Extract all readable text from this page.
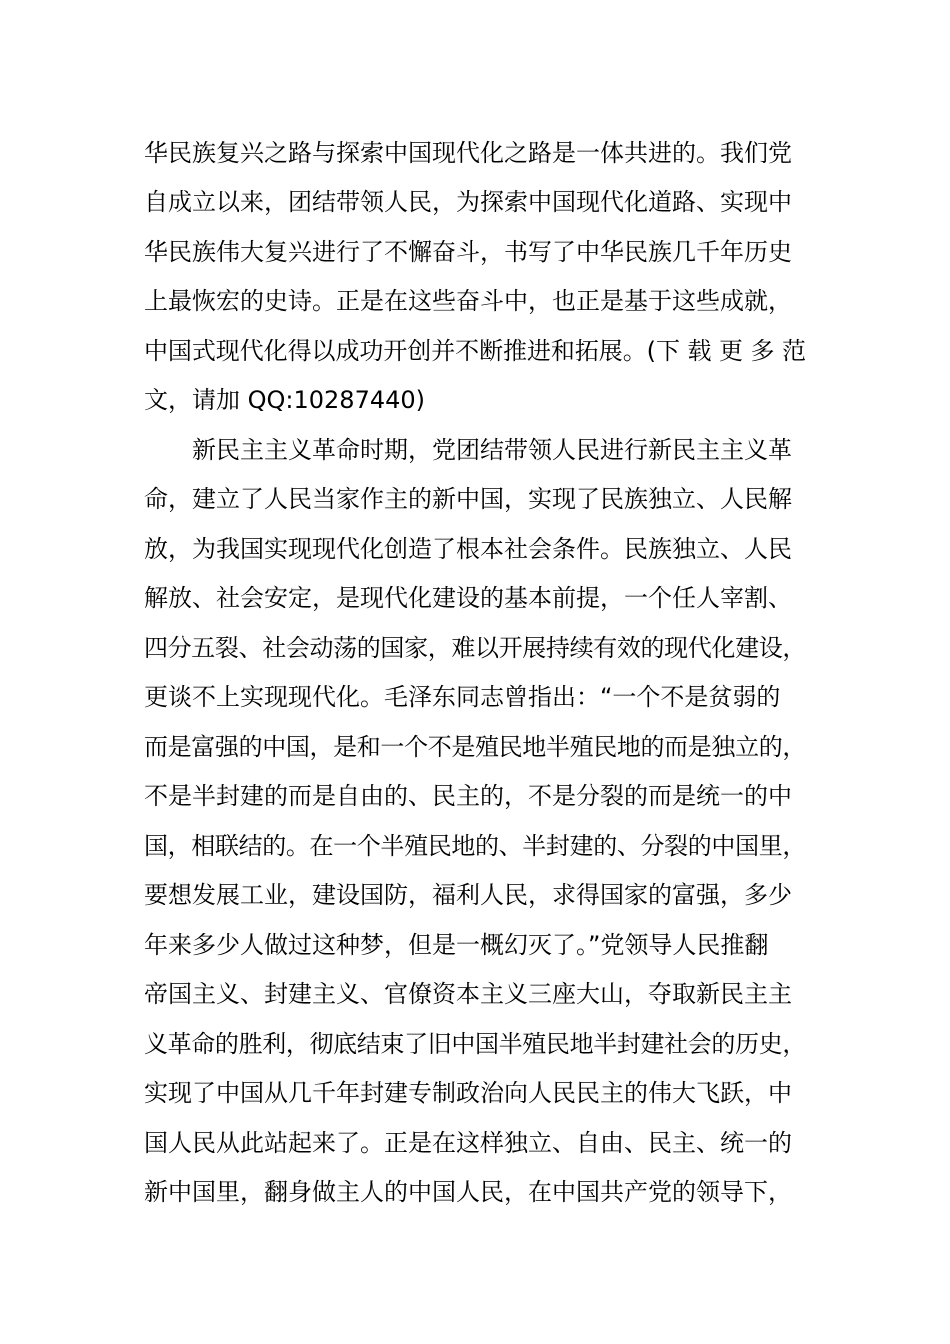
华民族复兴之路与探索中国现代化之路是一体共进的。我们党
自成立以来，团结带领人民，为探索中国现代化道路、实现中
华民族伟大复兴进行了不懈奋斗，书写了中华民族几千年历史
上最恢宏的史诗。正是在这些奋斗中，也正是基于这些成就，
中国式现代化得以成功开创并不断推进和拓展。(下 载 更 多 范
文，请加 QQ:10287440)
新民主主义革命时期，党团结带领人民进行新民主主义革
命，建立了人民当家作主的新中国，实现了民族独立、人民解
放，为我国实现现代化创造了根本社会条件。民族独立、人民
解放、社会安定，是现代化建设的基本前提，一个任人宰割、
四分五裂、社会动荡的国家，难以开展持续有效的现代化建设，
更谈不上实现现代化。毛泽东同志曾指出：“一个不是贫弱的
而是富强的中国，是和一个不是殖民地半殖民地的而是独立的，
不是半封建的而是自由的、民主的，不是分裂的而是统一的中
国，相联结的。在一个半殖民地的、半封建的、分裂的中国里，
要想发展工业，建设国防，福利人民，求得国家的富强，多少
年来多少人做过这种梦，但是一概幻灭了。”党领导人民推翻
帝国主义、封建主义、官僚资本主义三座大山，夺取新民主主
义革命的胜利，彻底结束了旧中国半殖民地半封建社会的历史，
实现了中国从几千年封建专制政治向人民民主的伟大飞跃，中
国人民从此站起来了。正是在这样独立、自由、民主、统一的
新中国里，翻身做主人的中国人民，在中国共产党的领导下，
